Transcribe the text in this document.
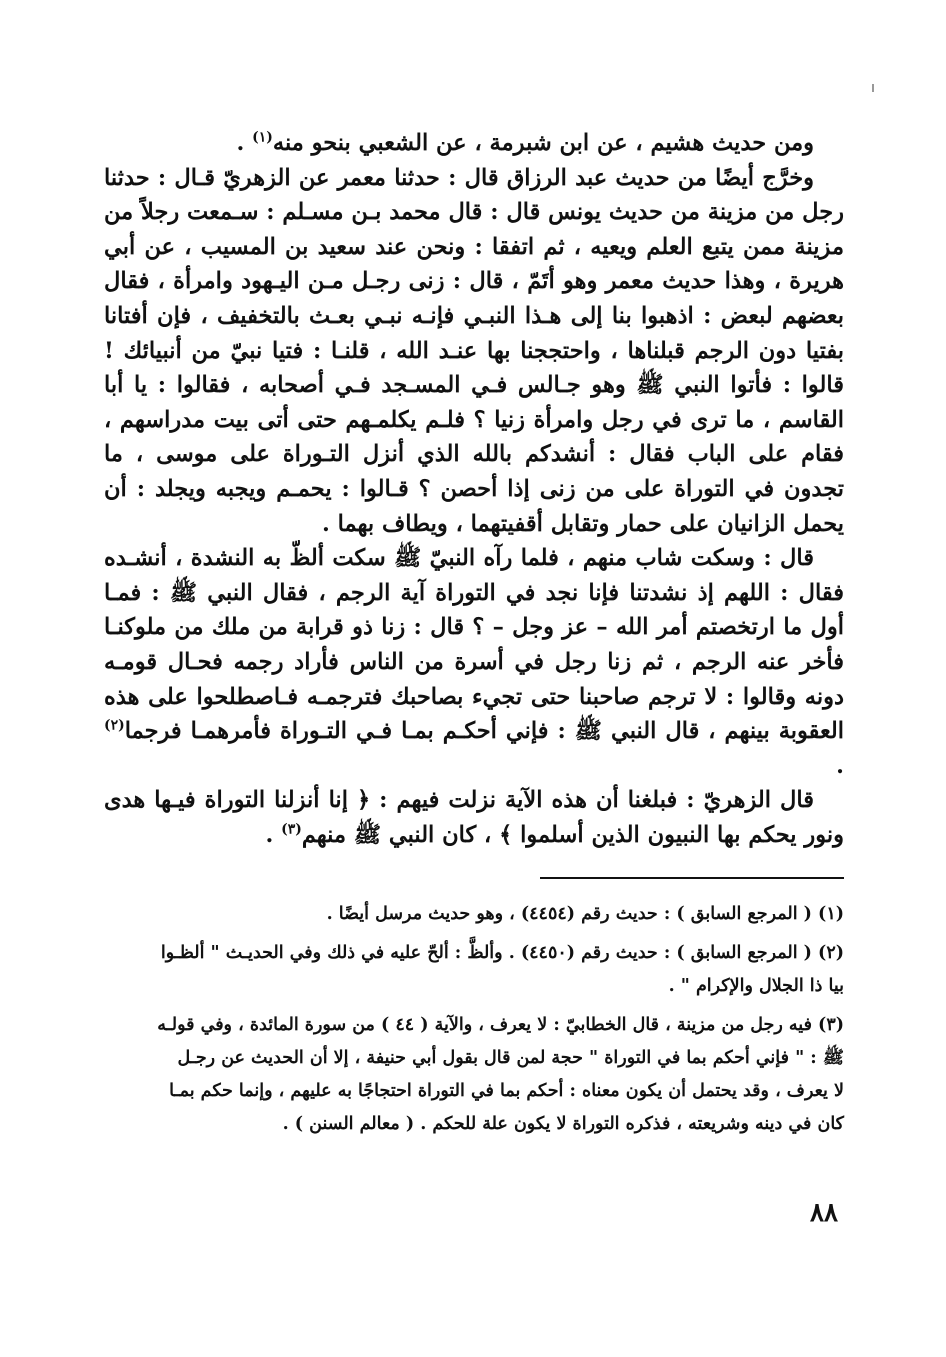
ومن حديث هشيم ، عن ابن شبرمة ، عن الشعبي بنحو منه$^{(١)}$ .

وخرَّج أيضًا من حديث عبد الرزاق قال : حدثنا معمر عن الزهريّ قـال : حدثنا رجل من مزينة من حديث يونس قال : قال محمد بـن مسـلم : سـمعت رجلاً من مزينة ممن يتبع العلم ويعيه ، ثم اتفقا : ونحن عند سعيد بن المسيب ، عن أبي هريرة ، وهذا حديث معمر وهو أتَمّ ، قال : زنى رجـل مـن اليـهود وامرأة ، فقال بعضهم لبعض : اذهبوا بنا إلى هـذا النبـي فإنـه نبـي بعـث بالتخفيف ، فإن أفتانا بفتيا دون الرجم قبلناها ، واحتججنا بها عنـد الله ، قلنـا : فتيا نبيّ من أنبيائك ! قالوا : فأتوا النبي ﷺ وهو جـالس فـي المسـجد فـي أصحابه ، فقالوا : يا أبا القاسم ، ما ترى في رجل وامرأة زنيا ؟ فلـم يكلمـهم حتى أتى بيت مدراسهم ، فقام على الباب فقال : أنشدكم بالله الذي أنزل التـوراة على موسى ، ما تجدون في التوراة على من زنى إذا أحصن ؟ قـالوا : يحمـم ويجبه ويجلد : أن يحمل الزانيان على حمار وتقابل أقفيتهما ، ويطاف بهما .

قال : وسكت شاب منهم ، فلما رآه النبيّ ﷺ سكت ألظّ به النشدة ، أنشـده فقال : اللهم إذ نشدتنا فإنا نجد في التوراة آية الرجم ، فقال النبي ﷺ : فمـا أول ما ارتخصتم أمر الله – عز وجل – ؟ قال : زنا ذو قرابة من ملك من ملوكنـا فأخر عنه الرجم ، ثم زنا رجل في أسرة من الناس فأراد رجمه فحـال قومـه دونه وقالوا : لا ترجم صاحبنا حتى تجيء بصاحبك فترجمـه فـاصطلحوا على هذه العقوبة بينهم ، قال النبي ﷺ : فإني أحكـم بمـا فـي التـوراة فأمرهمـا فرجما$^{(٢)}$ .

قال الزهريّ : فبلغنا أن هذه الآية نزلت فيهم : ﴿ إنا أنزلنا التوراة فيـها هدى ونور يحكم بها النبيون الذين أسلموا ﴾ ، كان النبي ﷺ منهم$^{(٣)}$ .

(١) ( المرجع السابق ) : حديث رقم (٤٤٥٤) ، وهو حديث مرسل أيضًا .

(٢) ( المرجع السابق ) : حديث رقم (٤٤٥٠) . وألظَّ : ألحّ عليه في ذلك وفي الحديـث " ألظـوا
بيا ذا الجلال والإكرام " .

(٣) فيه رجل من مزينة ، قال الخطابيّ : لا يعرف ، والآية ( ٤٤ ) من سورة المائدة ، وفي قولـه
ﷺ : " فإني أحكم بما في التوراة " حجة لمن قال بقول أبي حنيفة ، إلا أن الحديث عن رجـل
لا يعرف ، وقد يحتمل أن يكون معناه : أحكم بما في التوراة احتجاجًا به عليهم ، وإنما حكم بمـا
كان في دينه وشريعته ، فذكره التوراة لا يكون علة للحكم . ( معالم السنن ) .

٨٨
